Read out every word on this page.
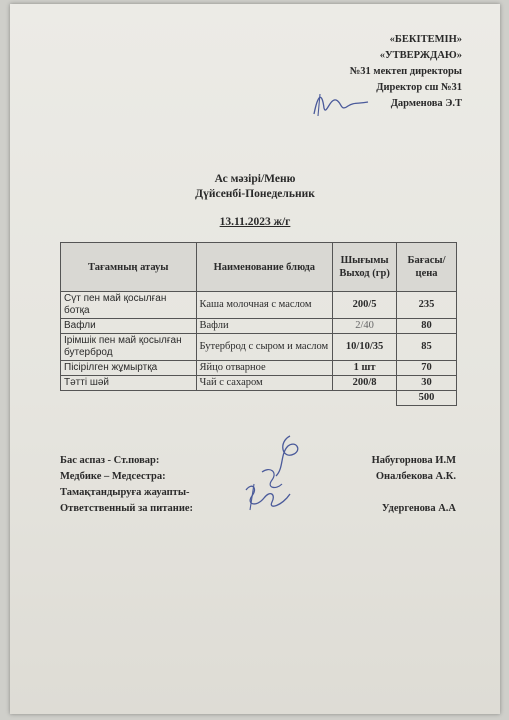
«БЕКІТЕМІН»
«УТВЕРЖДАЮ»
№31 мектеп директоры
Директор сш №31
Дарменова Э.Т
Ас мәзірі/Меню
Дүйсенбі-Понедельник
13.11.2023 ж/г
Тағамның атауы	Наименование блюда	Шығымы Выход (гр)	Бағасы/ цена
Сүт пен май қосылған ботқа	Каша молочная с маслом	200/5	235
Вафли	Вафли	2/40	80
Ірімшік пен май қосылған бутерброд	Бутерброд с сыром и маслом	10/10/35	85
Пісірілген жұмыртқа	Яйцо отварное	1 шт	70
Тәтті шәй	Чай с сахаром	200/8	30
			500
Бас аспаз - Ст.повар:	Набугорнова И.М
Медбике – Медсестра:	Оналбекова А.К.
Тамақтандыруға жауапты-
Ответственный за питание:	Удергенова А.А
